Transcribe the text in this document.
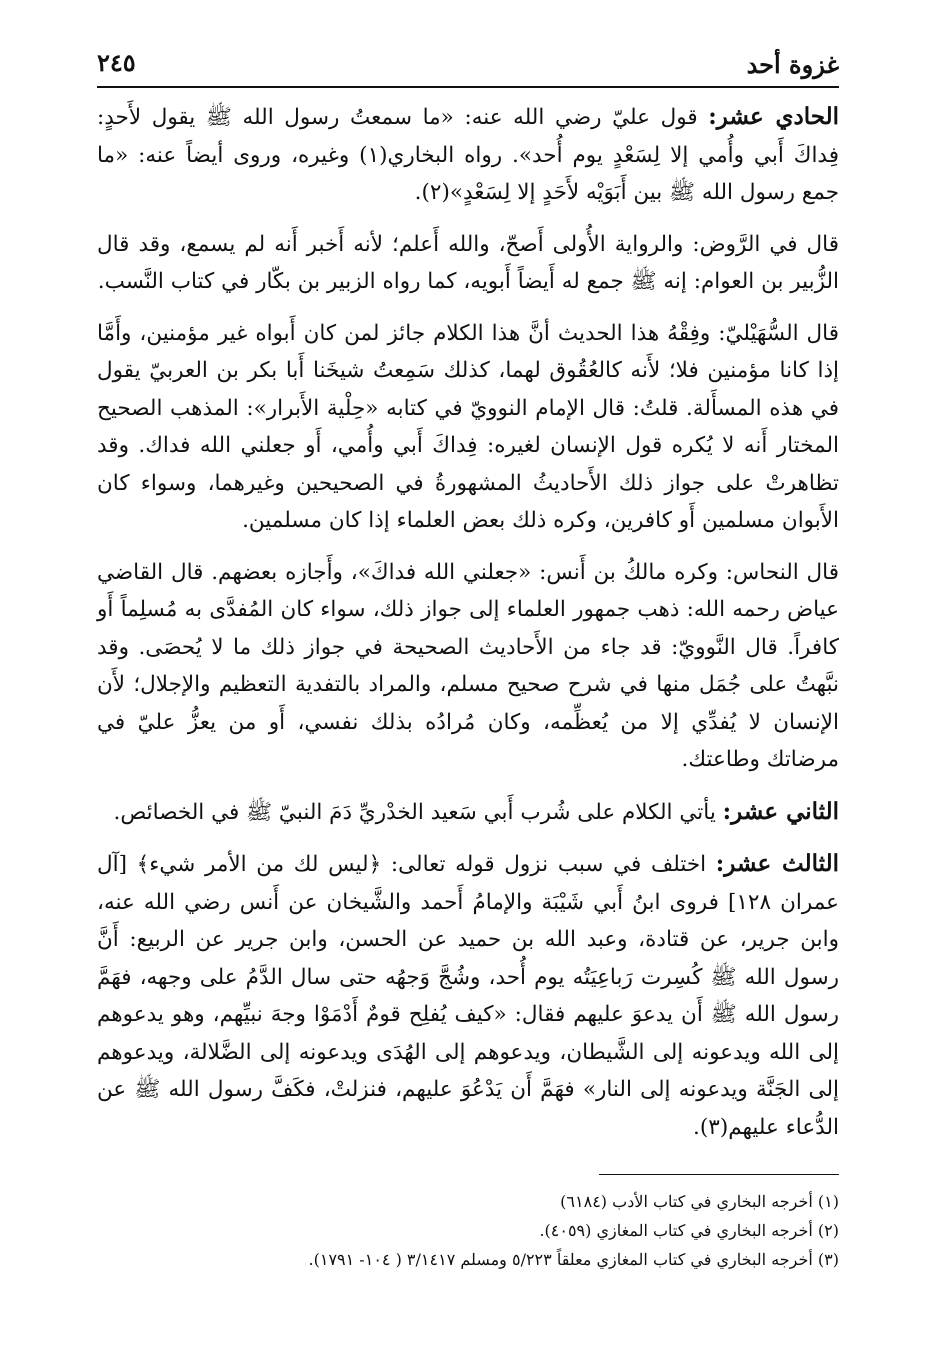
غزوة أحد
٢٤٥

الحادي عشر: قول عليّ رضي الله عنه: «ما سمعتُ رسول الله ﷺ يقول لأَحدٍ: فِداكَ أَبي وأُمي إلا لِسَعْدٍ يوم أُحد». رواه البخاري(١) وغيره، وروى أيضاً عنه: «ما جمع رسول الله ﷺ بين أَبَوَيْه لأَحَدٍ إلا لِسَعْدٍ»(٢).

قال في الرَّوض: والرواية الأُولى أَصحّ، والله أَعلم؛ لأنه أَخبر أَنه لم يسمع، وقد قال الزُّبير بن العوام: إنه ﷺ جمع له أَيضاً أَبويه، كما رواه الزبير بن بكّار في كتاب النَّسب.

قال السُّهَيْليّ: وفِقْهُ هذا الحديث أنَّ هذا الكلام جائز لمن كان أَبواه غير مؤمنين، وأَمَّا إذا كانا مؤمنين فلا؛ لأَنه كالعُقُوق لهما، كذلك سَمِعتُ شيخَنا أَبا بكر بن العربيّ يقول في هذه المسأَلة. قلتُ: قال الإمام النوويّ في كتابه «حِلْية الأَبرار»: المذهب الصحيح المختار أَنه لا يُكره قول الإنسان لغيره: فِداكَ أَبي وأُمي، أَو جعلني الله فداك. وقد تظاهرتْ على جواز ذلك الأَحاديثُ المشهورةُ في الصحيحين وغيرهما، وسواء كان الأَبوان مسلمين أَو كافرين، وكره ذلك بعض العلماء إذا كان مسلمين.

قال النحاس: وكره مالكُ بن أَنس: «جعلني الله فداكَ»، وأَجازه بعضهم. قال القاضي عياض رحمه الله: ذهب جمهور العلماء إلى جواز ذلك، سواء كان المُفدَّى به مُسلِماً أَو كافراً. قال النَّوويّ: قد جاء من الأَحاديث الصحيحة في جواز ذلك ما لا يُحصَى. وقد نبَّهتُ على جُمَل منها في شرح صحيح مسلم، والمراد بالتفدية التعظيم والإجلال؛ لأَن الإنسان لا يُفدِّي إلا من يُعظِّمه، وكان مُرادُه بذلك نفسي، أَو من يعزُّ عليّ في مرضاتك وطاعتك.

الثاني عشر: يأتي الكلام على شُرب أَبي سَعيد الخدْريِّ دَمَ النبيّ ﷺ في الخصائص.

الثالث عشر: اختلف في سبب نزول قوله تعالى: ﴿ليس لك من الأمر شيء﴾ [آل عمران ١٢٨] فروى ابنُ أَبي شَيْبَة والإمامُ أَحمد والشَّيخان عن أَنس رضي الله عنه، وابن جرير، عن قتادة، وعبد الله بن حميد عن الحسن، وابن جرير عن الربيع: أَنَّ رسول الله ﷺ كُسِرت رَباعِيَتُه يوم أُحد، وشُجَّ وَجهُه حتى سال الدَّمُ على وجهه، فهَمَّ رسول الله ﷺ أَن يدعوَ عليهم فقال: «كيف يُفلِح قومٌ أَدْمَوْا وجهَ نبيِّهم، وهو يدعوهم إلى الله ويدعونه إلى الشَّيطان، ويدعوهم إلى الهُدَى ويدعونه إلى الضَّلالة، ويدعوهم إلى الجَنَّة ويدعونه إلى النار» فهَمَّ أَن يَدْعُوَ عليهم، فنزلتْ، فكَفَّ رسول الله ﷺ عن الدُّعاء عليهم(٣).

(١) أخرجه البخاري في كتاب الأدب (٦١٨٤)

(٢) أخرجه البخاري في كتاب المغازي (٤٠٥٩).

(٣) أخرجه البخاري في كتاب المغازي معلقاً ٥/٢٢٣ ومسلم ٣/١٤١٧ ( ١٠٤- ١٧٩١).
